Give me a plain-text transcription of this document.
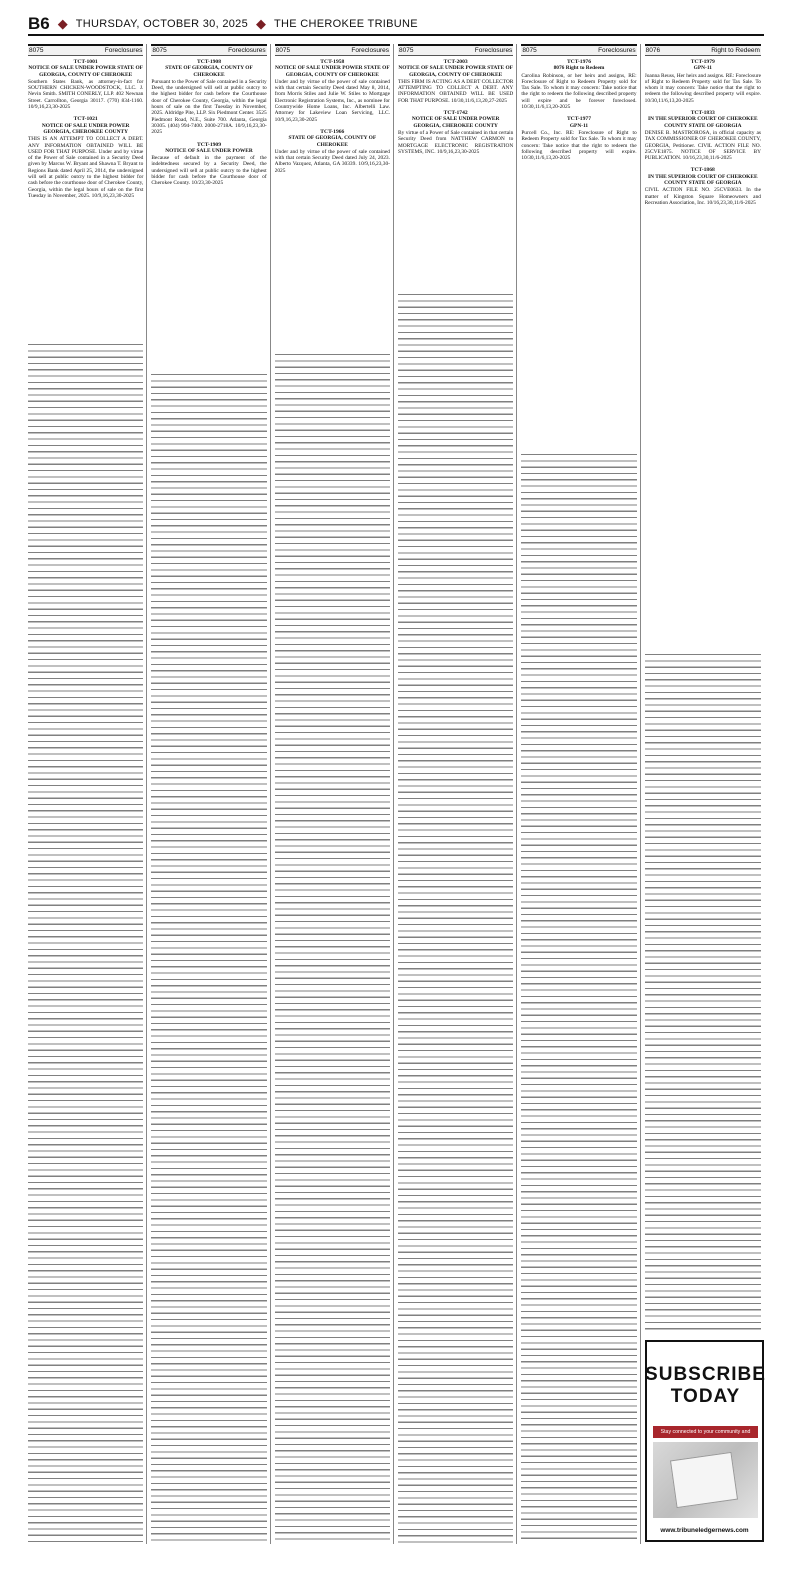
B6 ◆ THURSDAY, OCTOBER 30, 2025 ◆ THE CHEROKEE TRIBUNE
8075	Foreclosures
TCT-1001
NOTICE OF SALE UNDER POWER STATE OF GEORGIA, COUNTY OF CHEROKEE
Southern States Bank, as attorney-in-fact for SOUTHERN CHICKEN-WOODSTOCK, LLC. J. Nevin Smith. SMITH CONERLY, LLP. 402 Newnan Street. Carrollton, Georgia 30117. (770) 834-1160. 10/9,16,23,30-2025
TCT-1021
NOTICE OF SALE UNDER POWER GEORGIA, CHEROKEE COUNTY
THIS IS AN ATTEMPT TO COLLECT A DEBT. ANY INFORMATION OBTAINED WILL BE USED FOR THAT PURPOSE. Under and by virtue of the Power of Sale contained in a Security Deed given by Marcus W. Bryant and Shawna T. Bryant to Regions Bank dated April 25, 2014, the undersigned will sell at public outcry to the highest bidder for cash before the courthouse door of Cherokee County, Georgia, within the legal hours of sale on the first Tuesday in November, 2025. 10/9,16,23,30-2025
8075	Foreclosures
TCT-1908
STATE OF GEORGIA, COUNTY OF CHEROKEE
Pursuant to the Power of Sale contained in a Security Deed, the undersigned will sell at public outcry to the highest bidder for cash before the Courthouse door of Cherokee County, Georgia, within the legal hours of sale on the first Tuesday in November, 2025. Aldridge Pite, LLP. Six Piedmont Center. 3525 Piedmont Road, N.E., Suite 700. Atlanta, Georgia 30305. (404) 994-7400. 2000-2718A. 10/9,16,23,30-2025
TCT-1909
NOTICE OF SALE UNDER POWER
Because of default in the payment of the indebtedness secured by a Security Deed, the undersigned will sell at public outcry to the highest bidder for cash before the Courthouse door of Cherokee County. 10/23,30-2025
8075	Foreclosures
TCT-1958
NOTICE OF SALE UNDER POWER STATE OF GEORGIA, COUNTY OF CHEROKEE
Under and by virtue of the power of sale contained with that certain Security Deed dated May 8, 2014, from Morris Stiles and Julie W. Stiles to Mortgage Electronic Registration Systems, Inc., as nominee for Countrywide Home Loans, Inc. Albertelli Law. Attorney for Lakeview Loan Servicing, LLC. 10/9,16,23,30-2025
TCT-1966
STATE OF GEORGIA, COUNTY OF CHEROKEE
Under and by virtue of the power of sale contained with that certain Security Deed dated July 24, 2023. Alberto Vazquez, Atlanta, GA 30339. 10/9,16,23,30-2025
8075	Foreclosures
TCT-2003
NOTICE OF SALE UNDER POWER STATE OF GEORGIA, COUNTY OF CHEROKEE
THIS FIRM IS ACTING AS A DEBT COLLECTOR ATTEMPTING TO COLLECT A DEBT. ANY INFORMATION OBTAINED WILL BE USED FOR THAT PURPOSE. 10/30,11/6,13,20,27-2025
TCT-1742
NOTICE OF SALE UNDER POWER GEORGIA, CHEROKEE COUNTY
By virtue of a Power of Sale contained in that certain Security Deed from NATTHEW CARMON to MORTGAGE ELECTRONIC REGISTRATION SYSTEMS, INC. 10/9,16,23,30-2025
8075	Foreclosures
TCT-1976
8076 Right to Redeem
Carolina Robinson, or her heirs and assigns, RE: Foreclosure of Right to Redeem Property sold for Tax Sale. To whom it may concern: Take notice that the right to redeem the following described property will expire and be forever foreclosed. 10/30,11/6,13,20-2025
TCT-1977
GPN-11
Purcell Co., Inc. RE: Foreclosure of Right to Redeem Property sold for Tax Sale. To whom it may concern: Take notice that the right to redeem the following described property will expire. 10/30,11/6,13,20-2025
8076	Right to Redeem
TCT-1979
GPN-11
Joanna Reuss, Her heirs and assigns. RE: Foreclosure of Right to Redeem Property sold for Tax Sale. To whom it may concern: Take notice that the right to redeem the following described property will expire. 10/30,11/6,13,20-2025
TCT-1833
IN THE SUPERIOR COURT OF CHEROKEE COUNTY STATE OF GEORGIA
DENISE B. MASTROROSA, in official capacity as TAX COMMISSIONER OF CHEROKEE COUNTY, GEORGIA, Petitioner. CIVIL ACTION FILE NO. 25CVE1875. NOTICE OF SERVICE BY PUBLICATION. 10/16,23,30,11/6-2025
TCT-1868
IN THE SUPERIOR COURT OF CHEROKEE COUNTY STATE OF GEORGIA
CIVIL ACTION FILE NO. 25CVE0633. In the matter of Kingston Square Homeowners and Recreation Association, Inc. 10/16,23,30,11/6-2025
SUBSCRIBE
TODAY
Stay connected to your community and
www.tribuneledgernews.com
